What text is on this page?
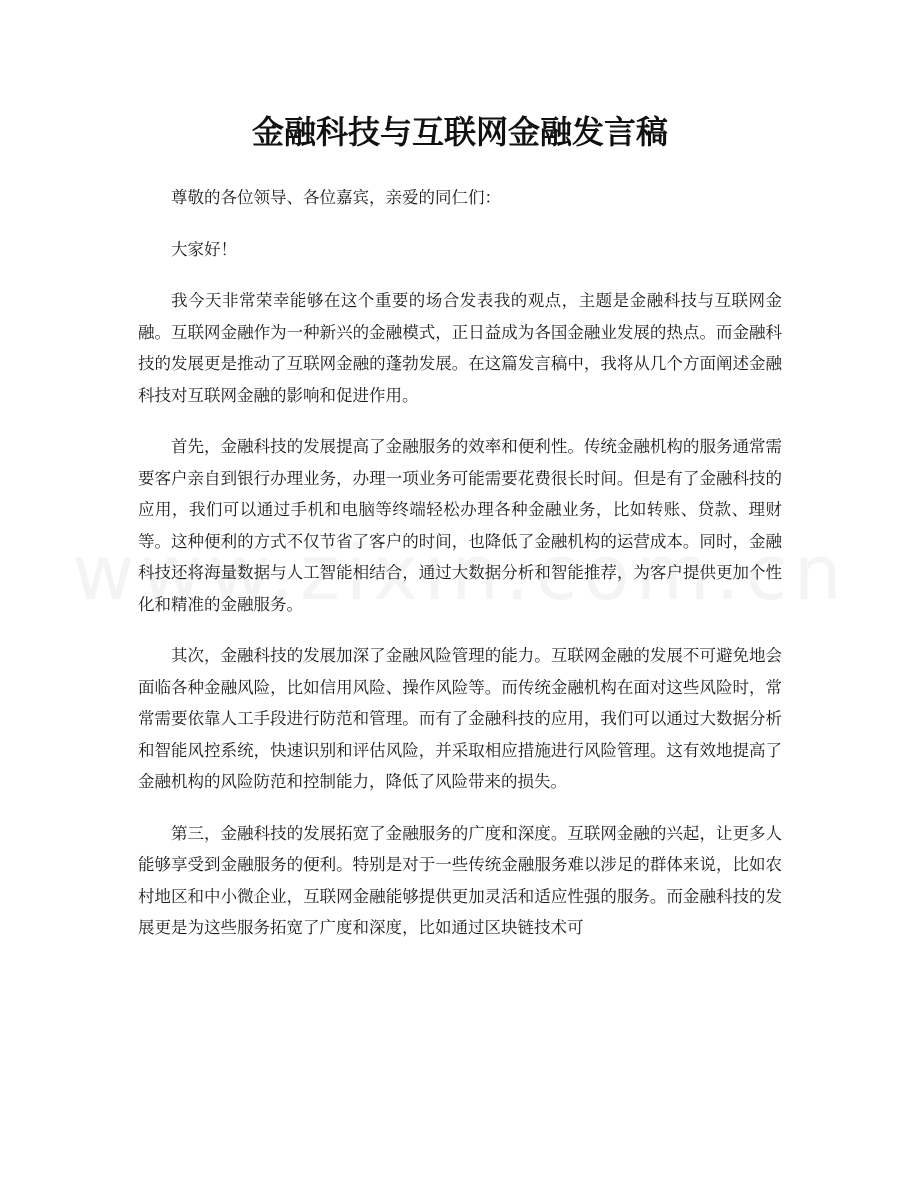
金融科技与互联网金融发言稿

尊敬的各位领导、各位嘉宾，亲爱的同仁们：

大家好！

我今天非常荣幸能够在这个重要的场合发表我的观点，主题是金融科技与互联网金融。互联网金融作为一种新兴的金融模式，正日益成为各国金融业发展的热点。而金融科技的发展更是推动了互联网金融的蓬勃发展。在这篇发言稿中，我将从几个方面阐述金融科技对互联网金融的影响和促进作用。

首先，金融科技的发展提高了金融服务的效率和便利性。传统金融机构的服务通常需要客户亲自到银行办理业务，办理一项业务可能需要花费很长时间。但是有了金融科技的应用，我们可以通过手机和电脑等终端轻松办理各种金融业务，比如转账、贷款、理财等。这种便利的方式不仅节省了客户的时间，也降低了金融机构的运营成本。同时，金融科技还将海量数据与人工智能相结合，通过大数据分析和智能推荐，为客户提供更加个性化和精准的金融服务。

其次，金融科技的发展加深了金融风险管理的能力。互联网金融的发展不可避免地会面临各种金融风险，比如信用风险、操作风险等。而传统金融机构在面对这些风险时，常常需要依靠人工手段进行防范和管理。而有了金融科技的应用，我们可以通过大数据分析和智能风控系统，快速识别和评估风险，并采取相应措施进行风险管理。这有效地提高了金融机构的风险防范和控制能力，降低了风险带来的损失。

第三，金融科技的发展拓宽了金融服务的广度和深度。互联网金融的兴起，让更多人能够享受到金融服务的便利。特别是对于一些传统金融服务难以涉足的群体来说，比如农村地区和中小微企业，互联网金融能够提供更加灵活和适应性强的服务。而金融科技的发展更是为这些服务拓宽了广度和深度，比如通过区块链技术可
